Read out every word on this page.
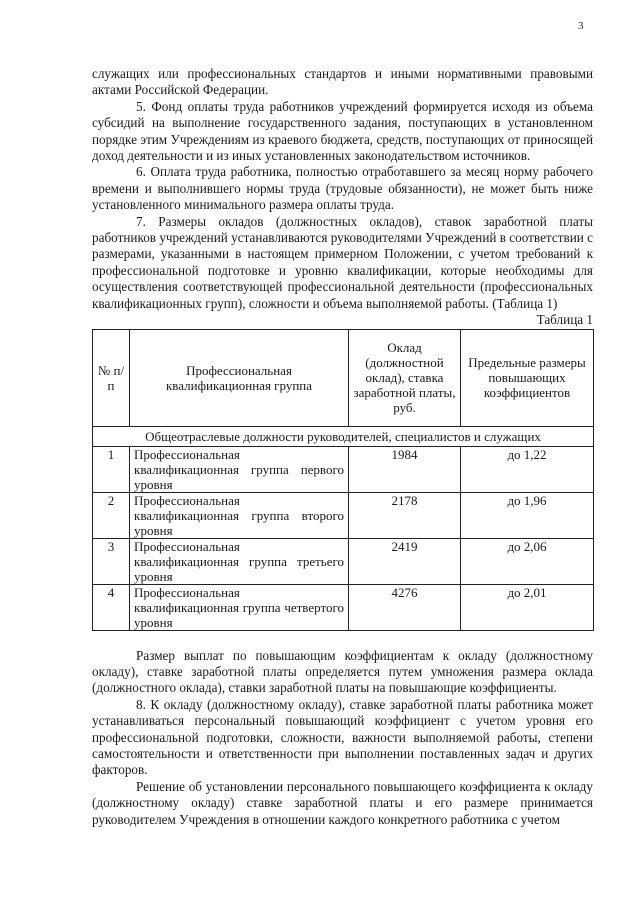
3

служащих или профессиональных стандартов и иными нормативными правовыми актами Российской Федерации.

5. Фонд оплаты труда работников учреждений формируется исходя из объема субсидий на выполнение государственного задания, поступающих в установленном порядке этим Учреждениям из краевого бюджета, средств, поступающих от приносящей доход деятельности и из иных установленных законодательством источников.

6. Оплата труда работника, полностью отработавшего за месяц норму рабочего времени и выполнившего нормы труда (трудовые обязанности), не может быть ниже установленного минимального размера оплаты труда.

7. Размеры окладов (должностных окладов), ставок заработной платы работников учреждений устанавливаются руководителями Учреждений в соответствии с размерами, указанными в настоящем примерном Положении, с учетом требований к профессиональной подготовке и уровню квалификации, которые необходимы для осуществления соответствующей профессиональной деятельности (профессиональных квалификационных групп), сложности и объема выполняемой работы. (Таблица 1)

Таблица 1

№ п/п	Профессиональная квалификационная группа	Оклад (должностной оклад), ставка заработной платы, руб.	Предельные размеры повышающих коэффициентов
Общеотраслевые должности руководителей, специалистов и служащих			
1	Профессиональная квалификационная группа первого уровня	1984	до 1,22
2	Профессиональная квалификационная группа второго уровня	2178	до 1,96
3	Профессиональная квалификационная группа третьего уровня	2419	до 2,06
4	Профессиональная квалификационная группа четвертого уровня	4276	до 2,01

Размер выплат по повышающим коэффициентам к окладу (должностному окладу), ставке заработной платы определяется путем умножения размера оклада (должностного оклада), ставки заработной платы на повышающие коэффициенты.

8. К окладу (должностному окладу), ставке заработной платы работника может устанавливаться персональный повышающий коэффициент с учетом уровня его профессиональной подготовки, сложности, важности выполняемой работы, степени самостоятельности и ответственности при выполнении поставленных задач и других факторов.

Решение об установлении персонального повышающего коэффициента к окладу (должностному окладу) ставке заработной платы и его размере принимается руководителем Учреждения в отношении каждого конкретного работника с учетом
